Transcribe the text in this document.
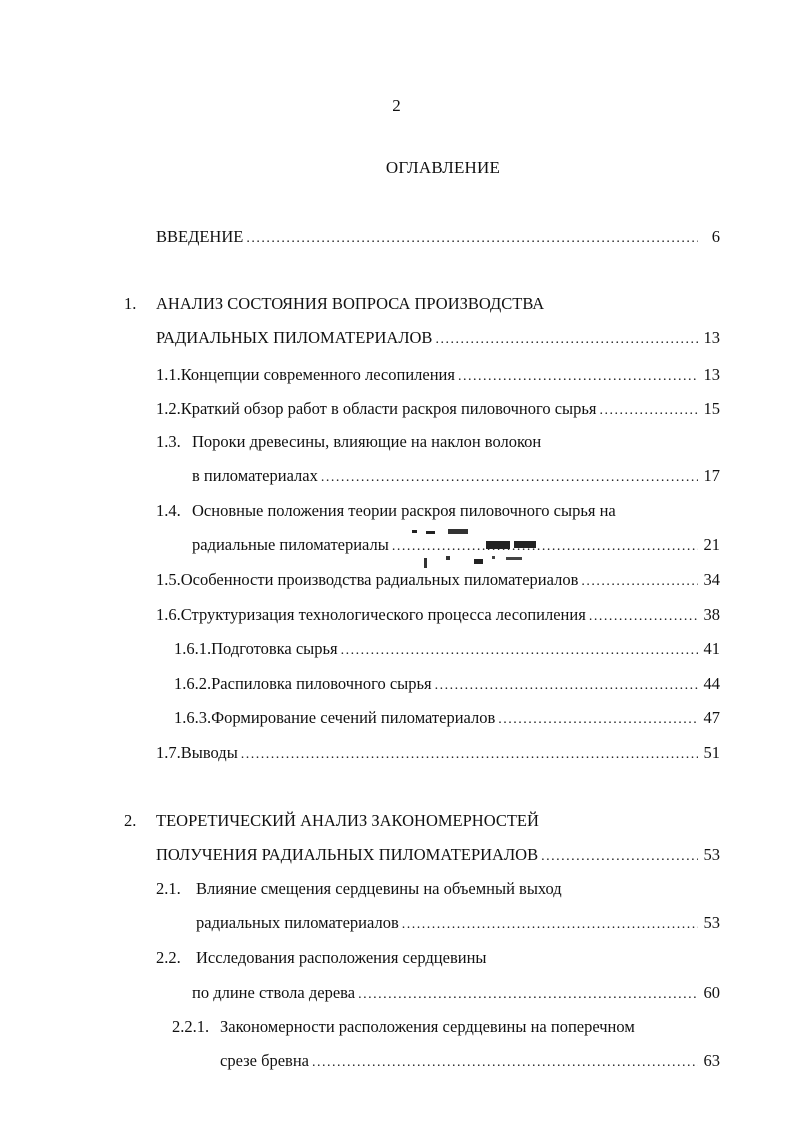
2
ОГЛАВЛЕНИЕ
ВВЕДЕНИЕ .....	6
1. АНАЛИЗ СОСТОЯНИЯ ВОПРОСА ПРОИЗВОДСТВА
РАДИАЛЬНЫХ ПИЛОМАТЕРИАЛОВ .....	13
1.1. Концепции современного лесопиления .....	13
1.2. Краткий обзор работ в области раскроя пиловочного сырья .....	15
1.3. Пороки древесины, влияющие на наклон волокон
в пиломатериалах .....	17
1.4. Основные положения теории раскроя пиловочного сырья на
радиальные пиломатериалы .....	21
1.5. Особенности производства радиальных пиломатериалов .....	34
1.6. Структуризация технологического процесса лесопиления .....	38
1.6.1. Подготовка сырья .....	41
1.6.2. Распиловка пиловочного сырья .....	44
1.6.3. Формирование сечений пиломатериалов .....	47
1.7. Выводы .....	51
2. ТЕОРЕТИЧЕСКИЙ АНАЛИЗ ЗАКОНОМЕРНОСТЕЙ
ПОЛУЧЕНИЯ РАДИАЛЬНЫХ ПИЛОМАТЕРИАЛОВ .....	53
2.1. Влияние смещения сердцевины на объемный выход
радиальных пиломатериалов .....	53
2.2. Исследования расположения сердцевины
по длине ствола дерева .....	60
2.2.1. Закономерности расположения сердцевины на поперечном
срезе бревна .....	63
